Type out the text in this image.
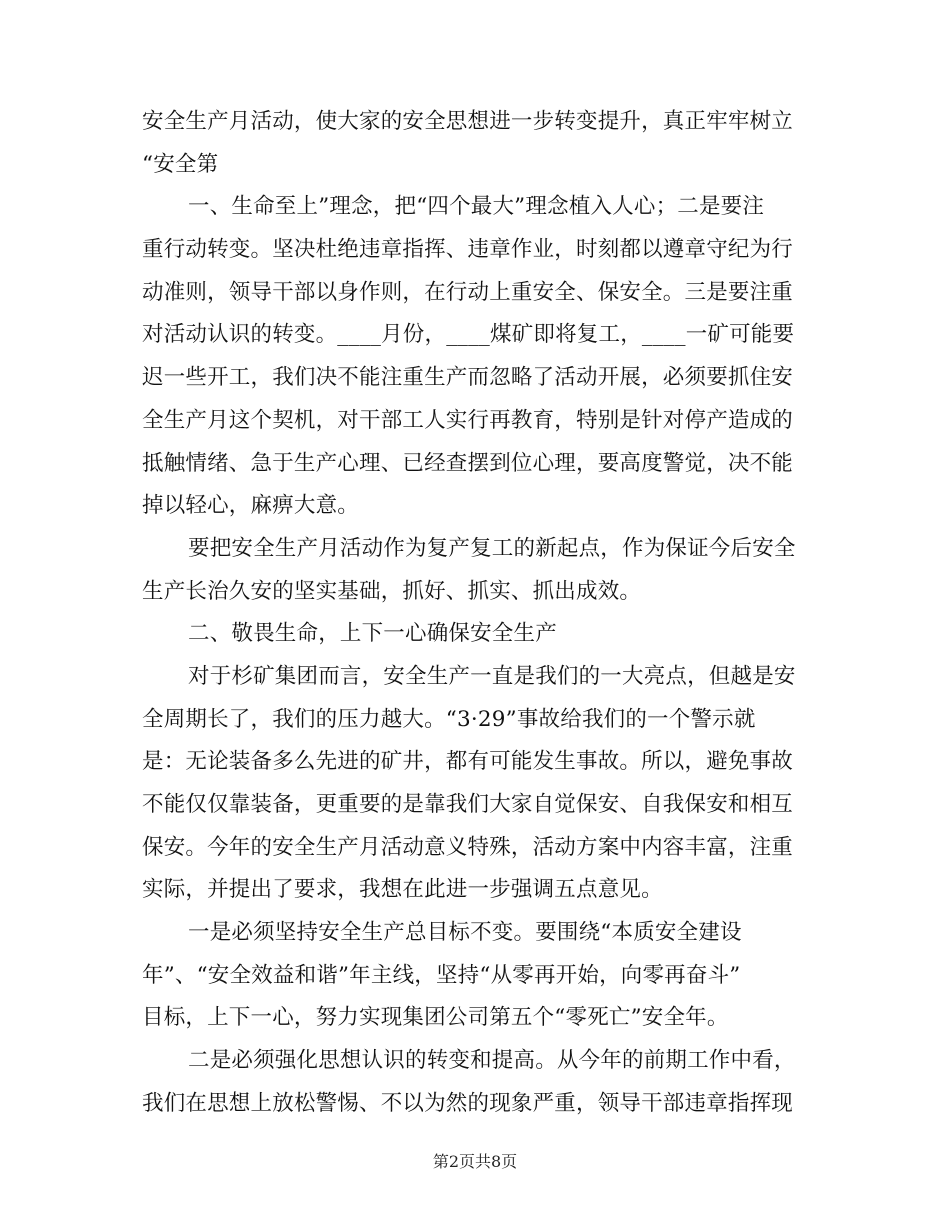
安全生产月活动，使大家的安全思想进一步转变提升，真正牢牢树立
“安全第
一、生命至上”理念，把“四个最大”理念植入人心；二是要注
重行动转变。坚决杜绝违章指挥、违章作业，时刻都以遵章守纪为行
动准则，领导干部以身作则，在行动上重安全、保安全。三是要注重
对活动认识的转变。____月份，____煤矿即将复工，____一矿可能要
迟一些开工，我们决不能注重生产而忽略了活动开展，必须要抓住安
全生产月这个契机，对干部工人实行再教育，特别是针对停产造成的
抵触情绪、急于生产心理、已经查摆到位心理，要高度警觉，决不能
掉以轻心，麻痹大意。
要把安全生产月活动作为复产复工的新起点，作为保证今后安全
生产长治久安的坚实基础，抓好、抓实、抓出成效。
二、敬畏生命，上下一心确保安全生产
对于杉矿集团而言，安全生产一直是我们的一大亮点，但越是安
全周期长了，我们的压力越大。“3·29”事故给我们的一个警示就
是：无论装备多么先进的矿井，都有可能发生事故。所以，避免事故
不能仅仅靠装备，更重要的是靠我们大家自觉保安、自我保安和相互
保安。今年的安全生产月活动意义特殊，活动方案中内容丰富，注重
实际，并提出了要求，我想在此进一步强调五点意见。
一是必须坚持安全生产总目标不变。要围绕“本质安全建设
年”、“安全效益和谐”年主线，坚持“从零再开始，向零再奋斗”
目标，上下一心，努力实现集团公司第五个“零死亡”安全年。
二是必须强化思想认识的转变和提高。从今年的前期工作中看，
我们在思想上放松警惕、不以为然的现象严重，领导干部违章指挥现
第2页共8页
